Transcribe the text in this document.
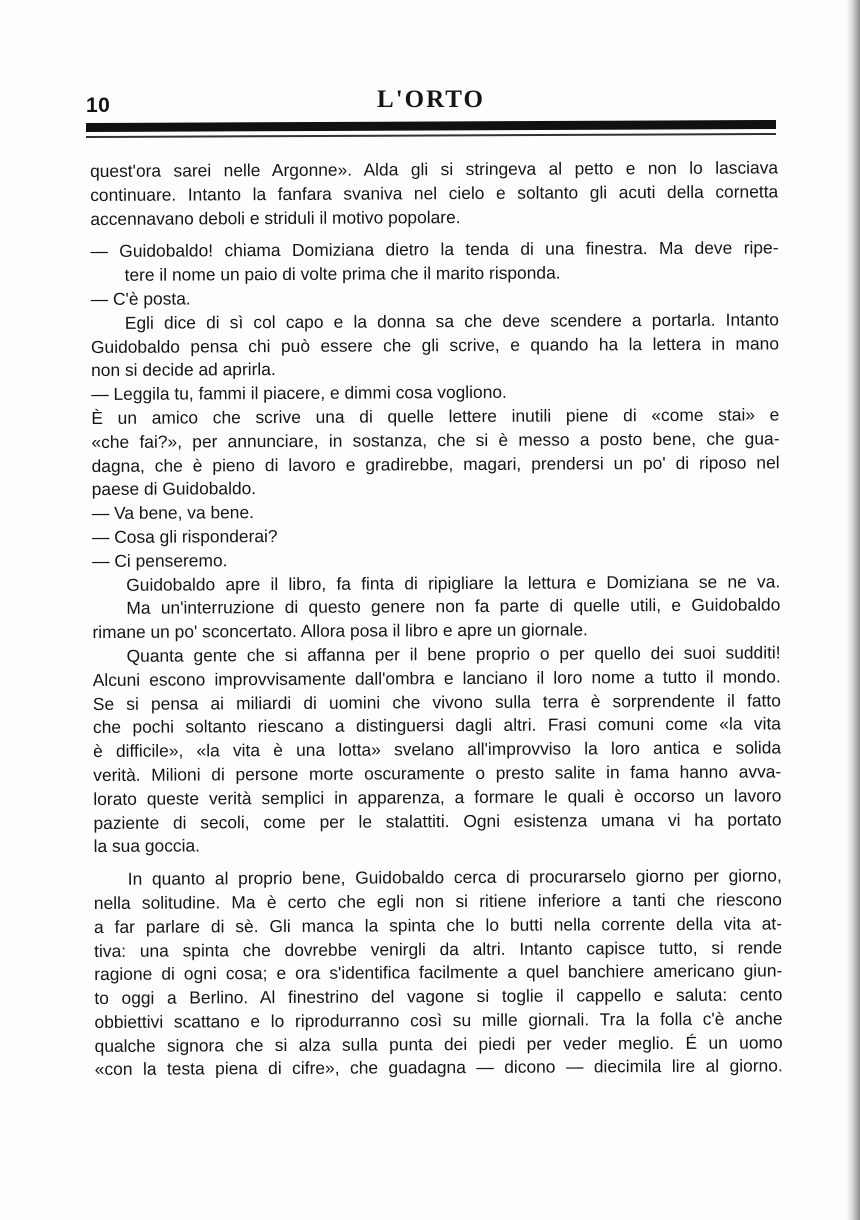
10	L'ORTO
quest'ora sarei nelle Argonne». Alda gli si stringeva al petto e non lo lasciava
continuare. Intanto la fanfara svaniva nel cielo e soltanto gli acuti della cornetta
accennavano deboli e striduli il motivo popolare.
— Guidobaldo! chiama Domiziana dietro la tenda di una finestra. Ma deve ripe-
tere il nome un paio di volte prima che il marito risponda.
— C'è posta.
Egli dice di sì col capo e la donna sa che deve scendere a portarla. Intanto
Guidobaldo pensa chi può essere che gli scrive, e quando ha la lettera in mano
non si decide ad aprirla.
— Leggila tu, fammi il piacere, e dimmi cosa vogliono.
È un amico che scrive una di quelle lettere inutili piene di «come stai» e
«che fai?», per annunciare, in sostanza, che si è messo a posto bene, che gua-
dagna, che è pieno di lavoro e gradirebbe, magari, prendersi un po' di riposo nel
paese di Guidobaldo.
— Va bene, va bene.
— Cosa gli risponderai?
— Ci penseremo.
Guidobaldo apre il libro, fa finta di ripigliare la lettura e Domiziana se ne va.
Ma un'interruzione di questo genere non fa parte di quelle utili, e Guidobaldo
rimane un po' sconcertato. Allora posa il libro e apre un giornale.
Quanta gente che si affanna per il bene proprio o per quello dei suoi sudditi!
Alcuni escono improvvisamente dall'ombra e lanciano il loro nome a tutto il mondo.
Se si pensa ai miliardi di uomini che vivono sulla terra è sorprendente il fatto
che pochi soltanto riescano a distinguersi dagli altri. Frasi comuni come «la vita
è difficile», «la vita è una lotta» svelano all'improvviso la loro antica e solida
verità. Milioni di persone morte oscuramente o presto salite in fama hanno avva-
lorato queste verità semplici in apparenza, a formare le quali è occorso un lavoro
paziente di secoli, come per le stalattiti. Ogni esistenza umana vi ha portato
la sua goccia.
In quanto al proprio bene, Guidobaldo cerca di procurarselo giorno per giorno,
nella solitudine. Ma è certo che egli non si ritiene inferiore a tanti che riescono
a far parlare di sè. Gli manca la spinta che lo butti nella corrente della vita at-
tiva: una spinta che dovrebbe venirgli da altri. Intanto capisce tutto, si rende
ragione di ogni cosa; e ora s'identifica facilmente a quel banchiere americano giun-
to oggi a Berlino. Al finestrino del vagone si toglie il cappello e saluta: cento
obbiettivi scattano e lo riprodurranno così su mille giornali. Tra la folla c'è anche
qualche signora che si alza sulla punta dei piedi per veder meglio. É un uomo
«con la testa piena di cifre», che guadagna — dicono — diecimila lire al giorno.
